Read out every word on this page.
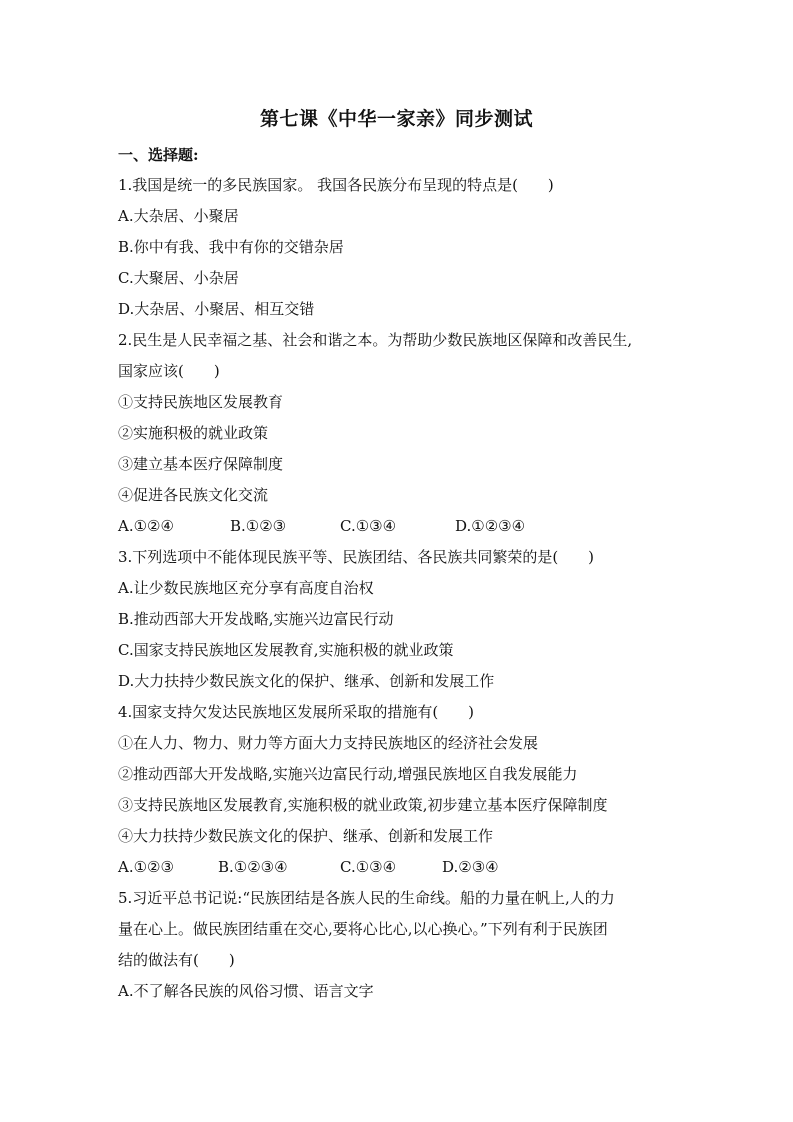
第七课《中华一家亲》同步测试
一、选择题:
1.我国是统一的多民族国家。 我国各民族分布呈现的特点是(　　)
A.大杂居、小聚居
B.你中有我、我中有你的交错杂居
C.大聚居、小杂居
D.大杂居、小聚居、相互交错
2.民生是人民幸福之基、社会和谐之本。为帮助少数民族地区保障和改善民生,
国家应该(　　)
①支持民族地区发展教育
②实施积极的就业政策
③建立基本医疗保障制度
④促进各民族文化交流
A.①②④	B.①②③	C.①③④	D.①②③④
3.下列选项中不能体现民族平等、民族团结、各民族共同繁荣的是(　　)
A.让少数民族地区充分享有高度自治权
B.推动西部大开发战略,实施兴边富民行动
C.国家支持民族地区发展教育,实施积极的就业政策
D.大力扶持少数民族文化的保护、继承、创新和发展工作
4.国家支持欠发达民族地区发展所采取的措施有(　　)
①在人力、物力、财力等方面大力支持民族地区的经济社会发展
②推动西部大开发战略,实施兴边富民行动,增强民族地区自我发展能力
③支持民族地区发展教育,实施积极的就业政策,初步建立基本医疗保障制度
④大力扶持少数民族文化的保护、继承、创新和发展工作
A.①②③	B.①②③④	C.①③④	D.②③④
5.习近平总书记说:“民族团结是各族人民的生命线。船的力量在帆上,人的力
量在心上。做民族团结重在交心,要将心比心,以心换心。”下列有利于民族团
结的做法有(　　)
A.不了解各民族的风俗习惯、语言文字
